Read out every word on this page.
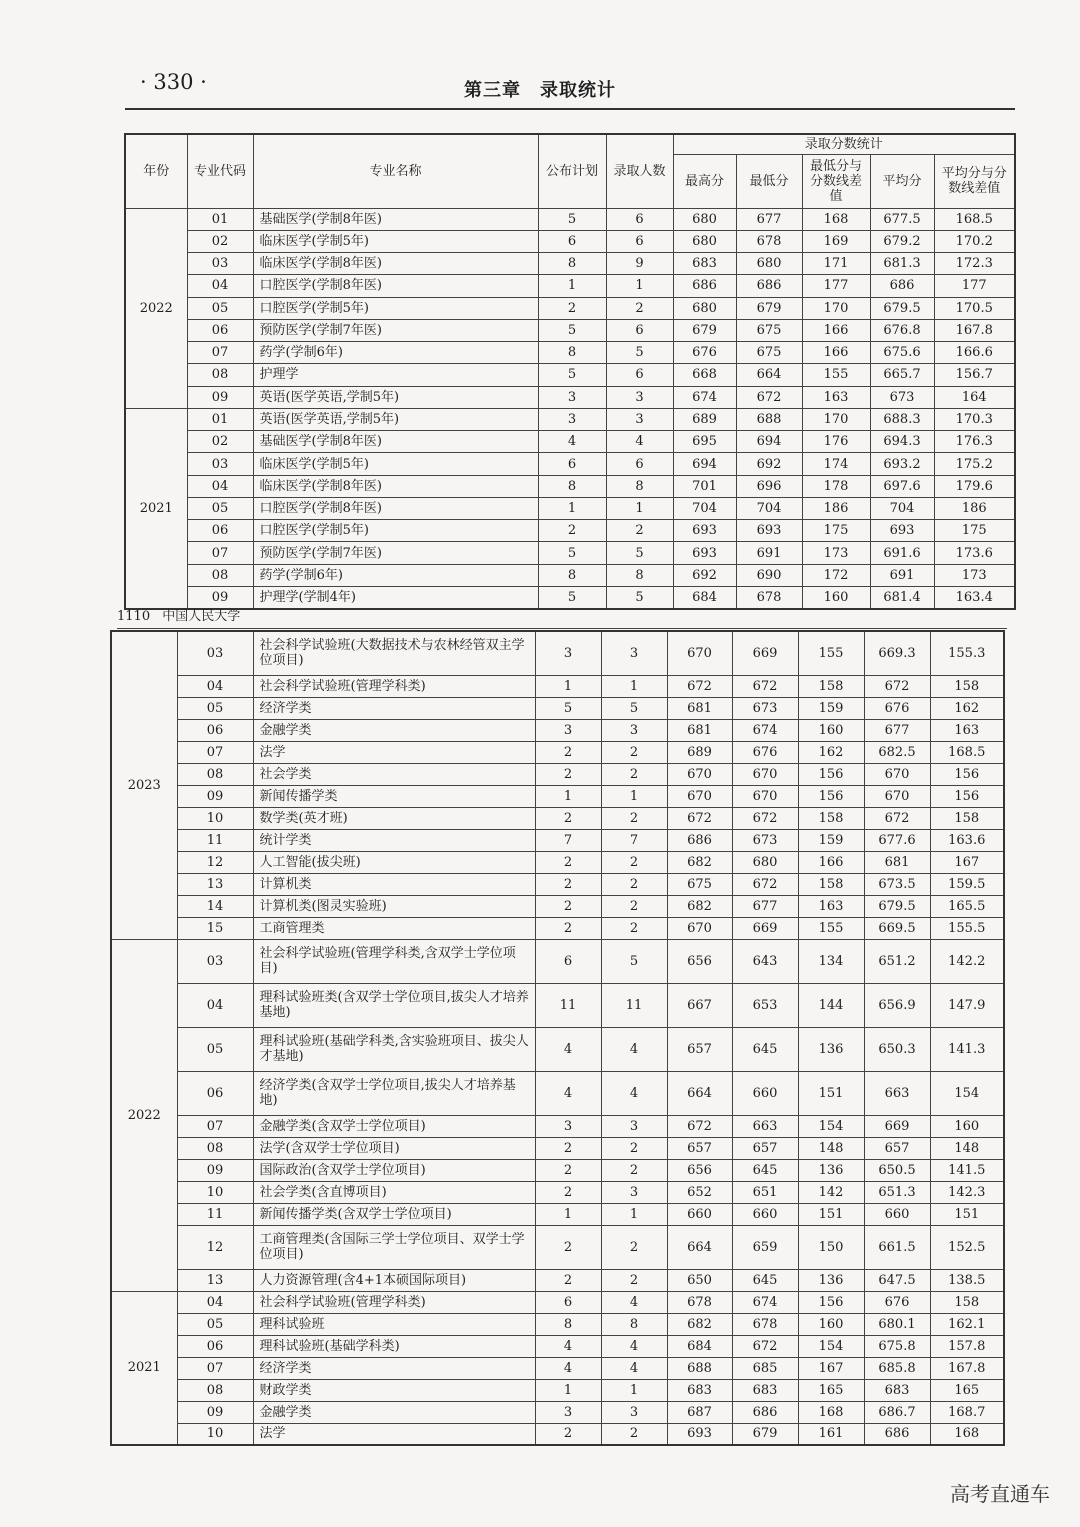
· 330 ·	第三章　录取统计
年份	专业代码	专业名称	公布计划	录取人数	录取分数统计				
					最高分	最低分	最低分与分数线差值	平均分	平均分与分数线差值
2022	01	基础医学(学制8年医)	5	6	680	677	168	677.5	168.5
	02	临床医学(学制5年)	6	6	680	678	169	679.2	170.2
	03	临床医学(学制8年医)	8	9	683	680	171	681.3	172.3
	04	口腔医学(学制8年医)	1	1	686	686	177	686	177
	05	口腔医学(学制5年)	2	2	680	679	170	679.5	170.5
	06	预防医学(学制7年医)	5	6	679	675	166	676.8	167.8
	07	药学(学制6年)	8	5	676	675	166	675.6	166.6
	08	护理学	5	6	668	664	155	665.7	156.7
	09	英语(医学英语,学制5年)	3	3	674	672	163	673	164
2021	01	英语(医学英语,学制5年)	3	3	689	688	170	688.3	170.3
	02	基础医学(学制8年医)	4	4	695	694	176	694.3	176.3
	03	临床医学(学制5年)	6	6	694	692	174	693.2	175.2
	04	临床医学(学制8年医)	8	8	701	696	178	697.6	179.6
	05	口腔医学(学制8年医)	1	1	704	704	186	704	186
	06	口腔医学(学制5年)	2	2	693	693	175	693	175
	07	预防医学(学制7年医)	5	5	693	691	173	691.6	173.6
	08	药学(学制6年)	8	8	692	690	172	691	173
	09	护理学(学制4年)	5	5	684	678	160	681.4	163.4
1110 中国人民大学
2023	03	社会科学试验班(大数据技术与农林经管双主学位项目)	3	3	670	669	155	669.3	155.3
	04	社会科学试验班(管理学科类)	1	1	672	672	158	672	158
	05	经济学类	5	5	681	673	159	676	162
	06	金融学类	3	3	681	674	160	677	163
	07	法学	2	2	689	676	162	682.5	168.5
	08	社会学类	2	2	670	670	156	670	156
	09	新闻传播学类	1	1	670	670	156	670	156
	10	数学类(英才班)	2	2	672	672	158	672	158
	11	统计学类	7	7	686	673	159	677.6	163.6
	12	人工智能(拔尖班)	2	2	682	680	166	681	167
	13	计算机类	2	2	675	672	158	673.5	159.5
	14	计算机类(图灵实验班)	2	2	682	677	163	679.5	165.5
	15	工商管理类	2	2	670	669	155	669.5	155.5
2022	03	社会科学试验班(管理学科类,含双学士学位项目)	6	5	656	643	134	651.2	142.2
	04	理科试验班类(含双学士学位项目,拔尖人才培养基地)	11	11	667	653	144	656.9	147.9
	05	理科试验班(基础学科类,含实验班项目、拔尖人才基地)	4	4	657	645	136	650.3	141.3
	06	经济学类(含双学士学位项目,拔尖人才培养基地)	4	4	664	660	151	663	154
	07	金融学类(含双学士学位项目)	3	3	672	663	154	669	160
	08	法学(含双学士学位项目)	2	2	657	657	148	657	148
	09	国际政治(含双学士学位项目)	2	2	656	645	136	650.5	141.5
	10	社会学类(含直博项目)	2	3	652	651	142	651.3	142.3
	11	新闻传播学类(含双学士学位项目)	1	1	660	660	151	660	151
	12	工商管理类(含国际三学士学位项目、双学士学位项目)	2	2	664	659	150	661.5	152.5
	13	人力资源管理(含4+1本硕国际项目)	2	2	650	645	136	647.5	138.5
2021	04	社会科学试验班(管理学科类)	6	4	678	674	156	676	158
	05	理科试验班	8	8	682	678	160	680.1	162.1
	06	理科试验班(基础学科类)	4	4	684	672	154	675.8	157.8
	07	经济学类	4	4	688	685	167	685.8	167.8
	08	财政学类	1	1	683	683	165	683	165
	09	金融学类	3	3	687	686	168	686.7	168.7
	10	法学	2	2	693	679	161	686	168
高考直通车
